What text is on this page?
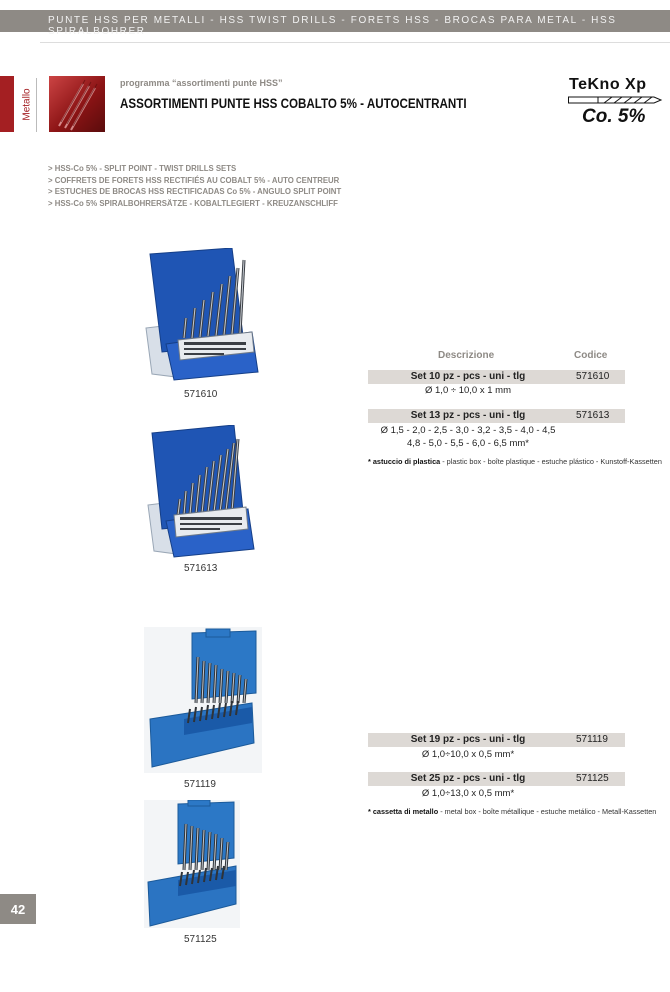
PUNTE HSS PER METALLI - HSS TWIST DRILLS - FORETS HSS - BROCAS PARA METAL - HSS SPIRALBOHRER
Metallo
programma “assortimenti punte HSS”
ASSORTIMENTI PUNTE HSS COBALTO 5% - AUTOCENTRANTI
TeKno Xp
Co. 5%
> HSS-Co 5% - SPLIT POINT - TWIST DRILLS SETS
> COFFRETS DE FORETS HSS RECTIFIÉS AU COBALT 5% - AUTO CENTREUR
> ESTUCHES DE BROCAS HSS RECTIFICADAS Co 5% - ANGULO SPLIT POINT
> HSS-Co 5% SPIRALBOHRERSÄTZE - KOBALTLEGIERT - KREUZANSCHLIFF
571610
571613
571119
571125
Descrizione	Codice
Set 10 pz - pcs - uni - tlg	571610
Ø 1,0 ÷ 10,0 x 1 mm
Set 13 pz - pcs - uni - tlg	571613
Ø 1,5 - 2,0 - 2,5 - 3,0 - 3,2 - 3,5 - 4,0 - 4,5
4,8 - 5,0 - 5,5 - 6,0 - 6,5 mm*
* astuccio di plastica - plastic box - boîte plastique - estuche plástico - Kunstoff-Kassetten
Set 19 pz - pcs - uni - tlg	571119
Ø 1,0÷10,0 x 0,5 mm*
Set 25 pz - pcs - uni - tlg	571125
Ø 1,0÷13,0 x 0,5 mm*
* cassetta di metallo - metal box - boîte métallique - estuche metálico - Metall-Kassetten
42
